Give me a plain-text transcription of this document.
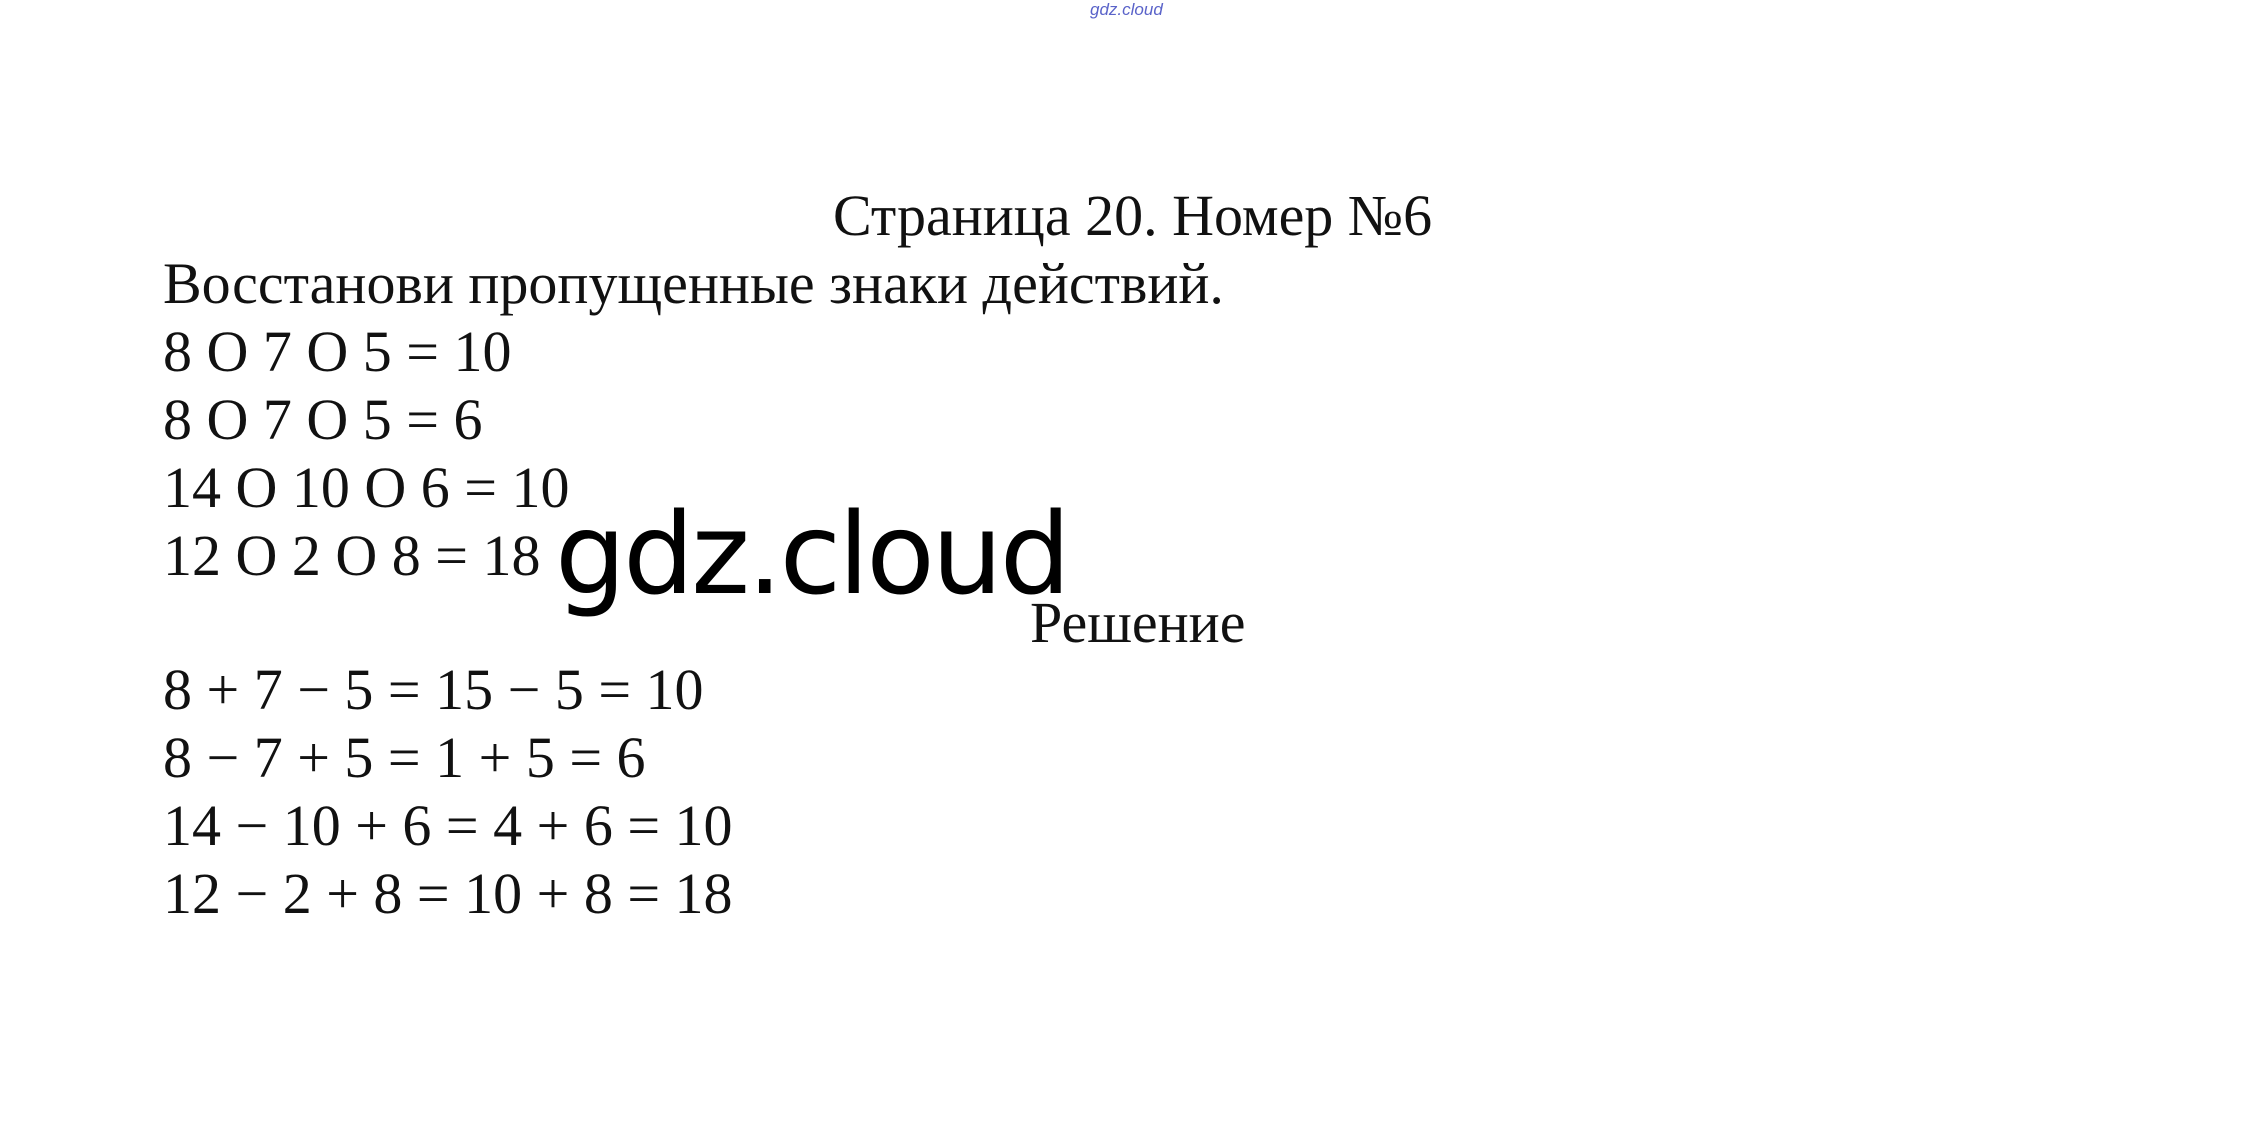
gdz.cloud
Страница 20. Номер №6
Восстанови пропущенные знаки действий.
8 O 7 O 5 = 10
8 O 7 O 5 = 6
14 O 10 O 6 = 10
12 O 2 O 8 = 18 gdz.cloud
Решение
8 + 7 − 5 = 15 − 5 = 10
8 − 7 + 5 = 1 + 5 = 6
14 − 10 + 6 = 4 + 6 = 10
12 − 2 + 8 = 10 + 8 = 18
